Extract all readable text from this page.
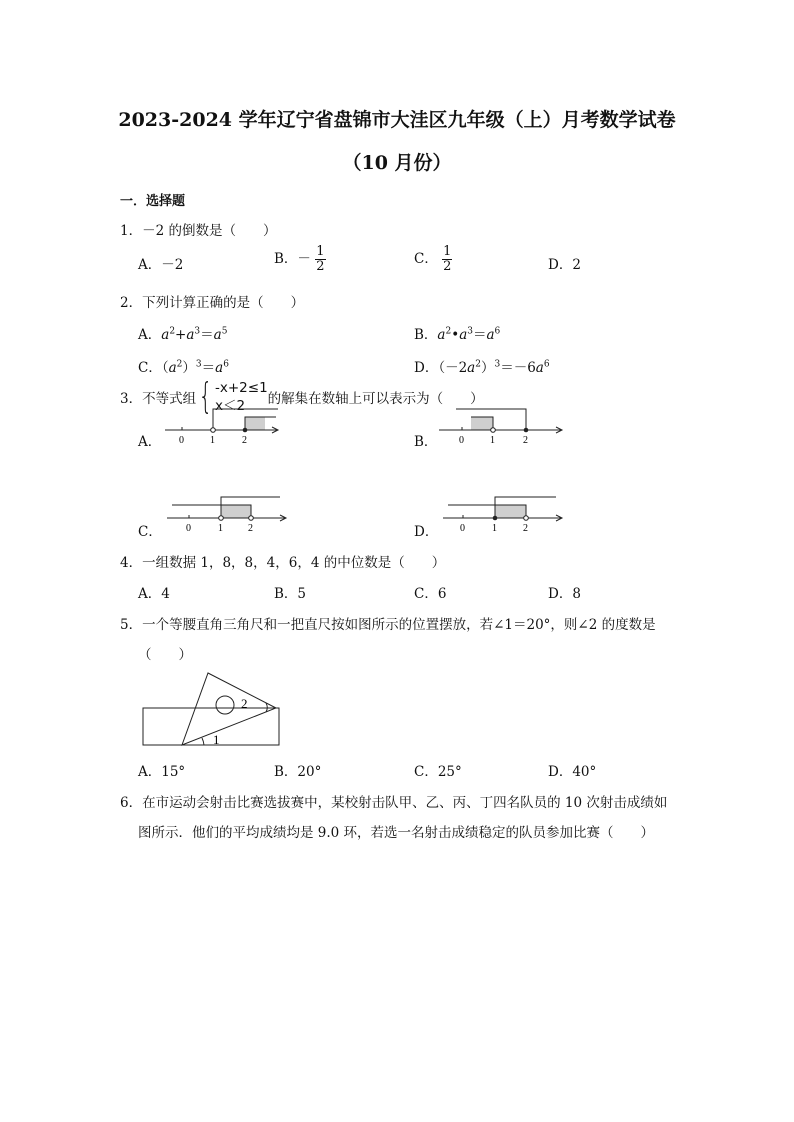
2023-2024 学年辽宁省盘锦市大洼区九年级（上）月考数学试卷
（10 月份）
一．选择题
1．－2 的倒数是（　　）
A．－2	B．－ $\frac{1}{2}$	C． $\frac{1}{2}$	D．2
2．下列计算正确的是（　　）
A．$a^2+a^3=a^5$	B．$a^2•a^3=a^6$
C．$(a^2)^3=a^6$	D．$(-2a^2)^3=-6a^6$
3．不等式组 { -x+2≤1
x＜2	的解集在数轴上可以表示为（　　）
A． 0	1	2	B． 0	1	2
C． 0	1	2	D． 0	1	2
4．一组数据 1，8，8，4，6，4 的中位数是（　　）
A．4	B．5	C．6	D．8
5．一个等腰直角三角尺和一把直尺按如图所示的位置摆放，若∠1＝20°，则∠2 的度数是
（　　）
2
1
A．15°	B．20°	C．25°	D．40°
6．在市运动会射击比赛选拔赛中，某校射击队甲、乙、丙、丁四名队员的 10 次射击成绩如
图所示．他们的平均成绩均是 9.0 环，若选一名射击成绩稳定的队员参加比赛（　　）
